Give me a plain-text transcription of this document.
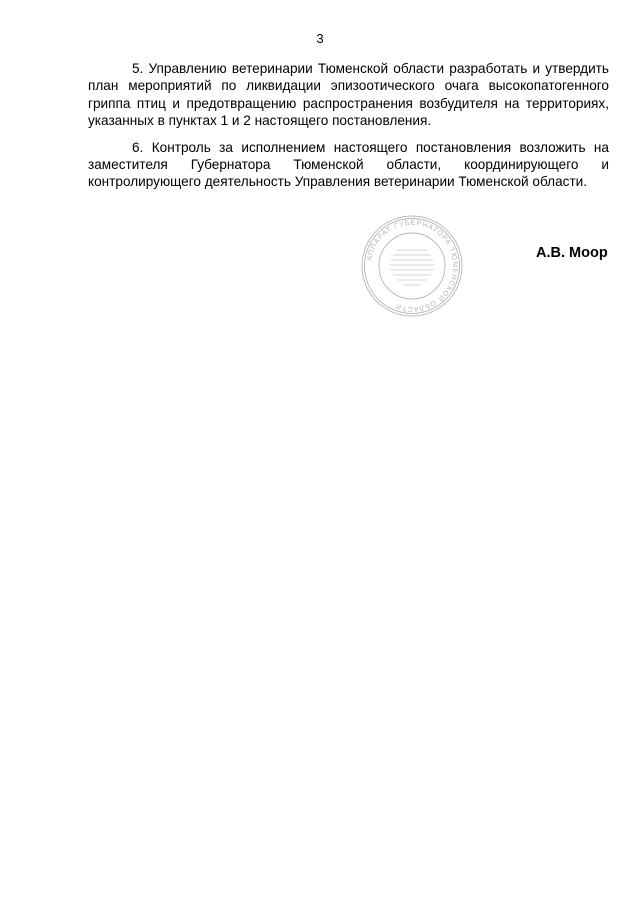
3

5. Управлению ветеринарии Тюменской области разработать и утвердить план мероприятий по ликвидации эпизоотического очага высокопатогенного гриппа птиц и предотвращению распространения возбудителя на территориях, указанных в пунктах 1 и 2 настоящего постановления.

6. Контроль за исполнением настоящего постановления возложить на заместителя Губернатора Тюменской области, координирующего и контролирующего деятельность Управления ветеринарии Тюменской области.

АППАРАТ ГУБЕРНАТОРА ТЮМЕНСКОЙ ОБЛАСТИ
А.В. Моор
